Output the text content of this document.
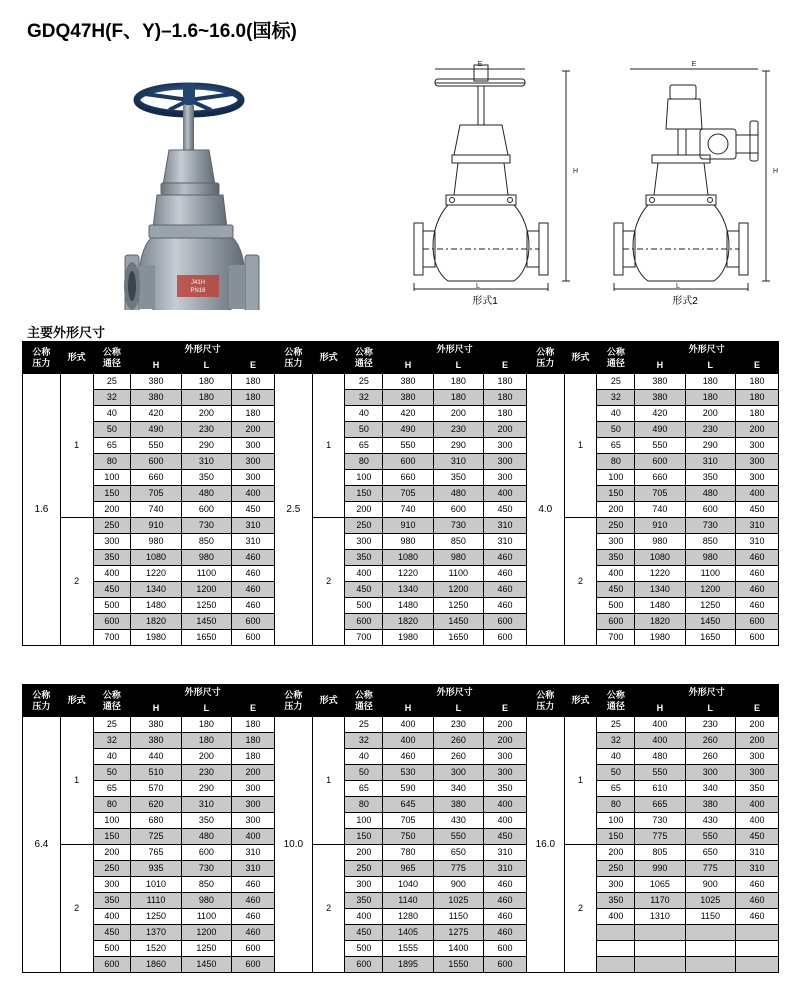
GDQ47H(F、Y)–1.6~16.0(国标)
J41H
PN16
L
H
E
形式1
L
H
E
形式2
主要外形尺寸
公称
压力	形式	公称
通径	外形尺寸			公称
压力	形式	公称
通径	外形尺寸			公称
压力	形式	公称
通径	外形尺寸		
			H	L	E				H	L	E				H	L	E
1.6	1	25	380	180	180	2.5	1	25	380	180	180	4.0	1	25	380	180	180
		32	380	180	180			32	380	180	180			32	380	180	180
		40	420	200	180			40	420	200	180			40	420	200	180
		50	490	230	200			50	490	230	200			50	490	230	200
		65	550	290	300			65	550	290	300			65	550	290	300
		80	600	310	300			80	600	310	300			80	600	310	300
		100	660	350	300			100	660	350	300			100	660	350	300
		150	705	480	400			150	705	480	400			150	705	480	400
		200	740	600	450			200	740	600	450			200	740	600	450
	2	250	910	730	310		2	250	910	730	310		2	250	910	730	310
		300	980	850	310			300	980	850	310			300	980	850	310
		350	1080	980	460			350	1080	980	460			350	1080	980	460
		400	1220	1100	460			400	1220	1100	460			400	1220	1100	460
		450	1340	1200	460			450	1340	1200	460			450	1340	1200	460
		500	1480	1250	460			500	1480	1250	460			500	1480	1250	460
		600	1820	1450	600			600	1820	1450	600			600	1820	1450	600
		700	1980	1650	600			700	1980	1650	600			700	1980	1650	600
公称
压力	形式	公称
通径	外形尺寸			公称
压力	形式	公称
通径	外形尺寸			公称
压力	形式	公称
通径	外形尺寸		
			H	L	E				H	L	E				H	L	E
6.4	1	25	380	180	180	10.0	1	25	400	230	200	16.0	1	25	400	230	200
		32	380	180	180			32	400	260	200			32	400	260	200
		40	440	200	180			40	460	260	300			40	480	260	300
		50	510	230	200			50	530	300	300			50	550	300	300
		65	570	290	300			65	590	340	350			65	610	340	350
		80	620	310	300			80	645	380	400			80	665	380	400
		100	680	350	300			100	705	430	400			100	730	430	400
		150	725	480	400			150	750	550	450			150	775	550	450
	2	200	765	600	310		2	200	780	650	310		2	200	805	650	310
		250	935	730	310			250	965	775	310			250	990	775	310
		300	1010	850	460			300	1040	900	460			300	1065	900	460
		350	1110	980	460			350	1140	1025	460			350	1170	1025	460
		400	1250	1100	460			400	1280	1150	460			400	1310	1150	460
		450	1370	1200	460			450	1405	1275	460						
		500	1520	1250	600			500	1555	1400	600						
		600	1860	1450	600			600	1895	1550	600						
